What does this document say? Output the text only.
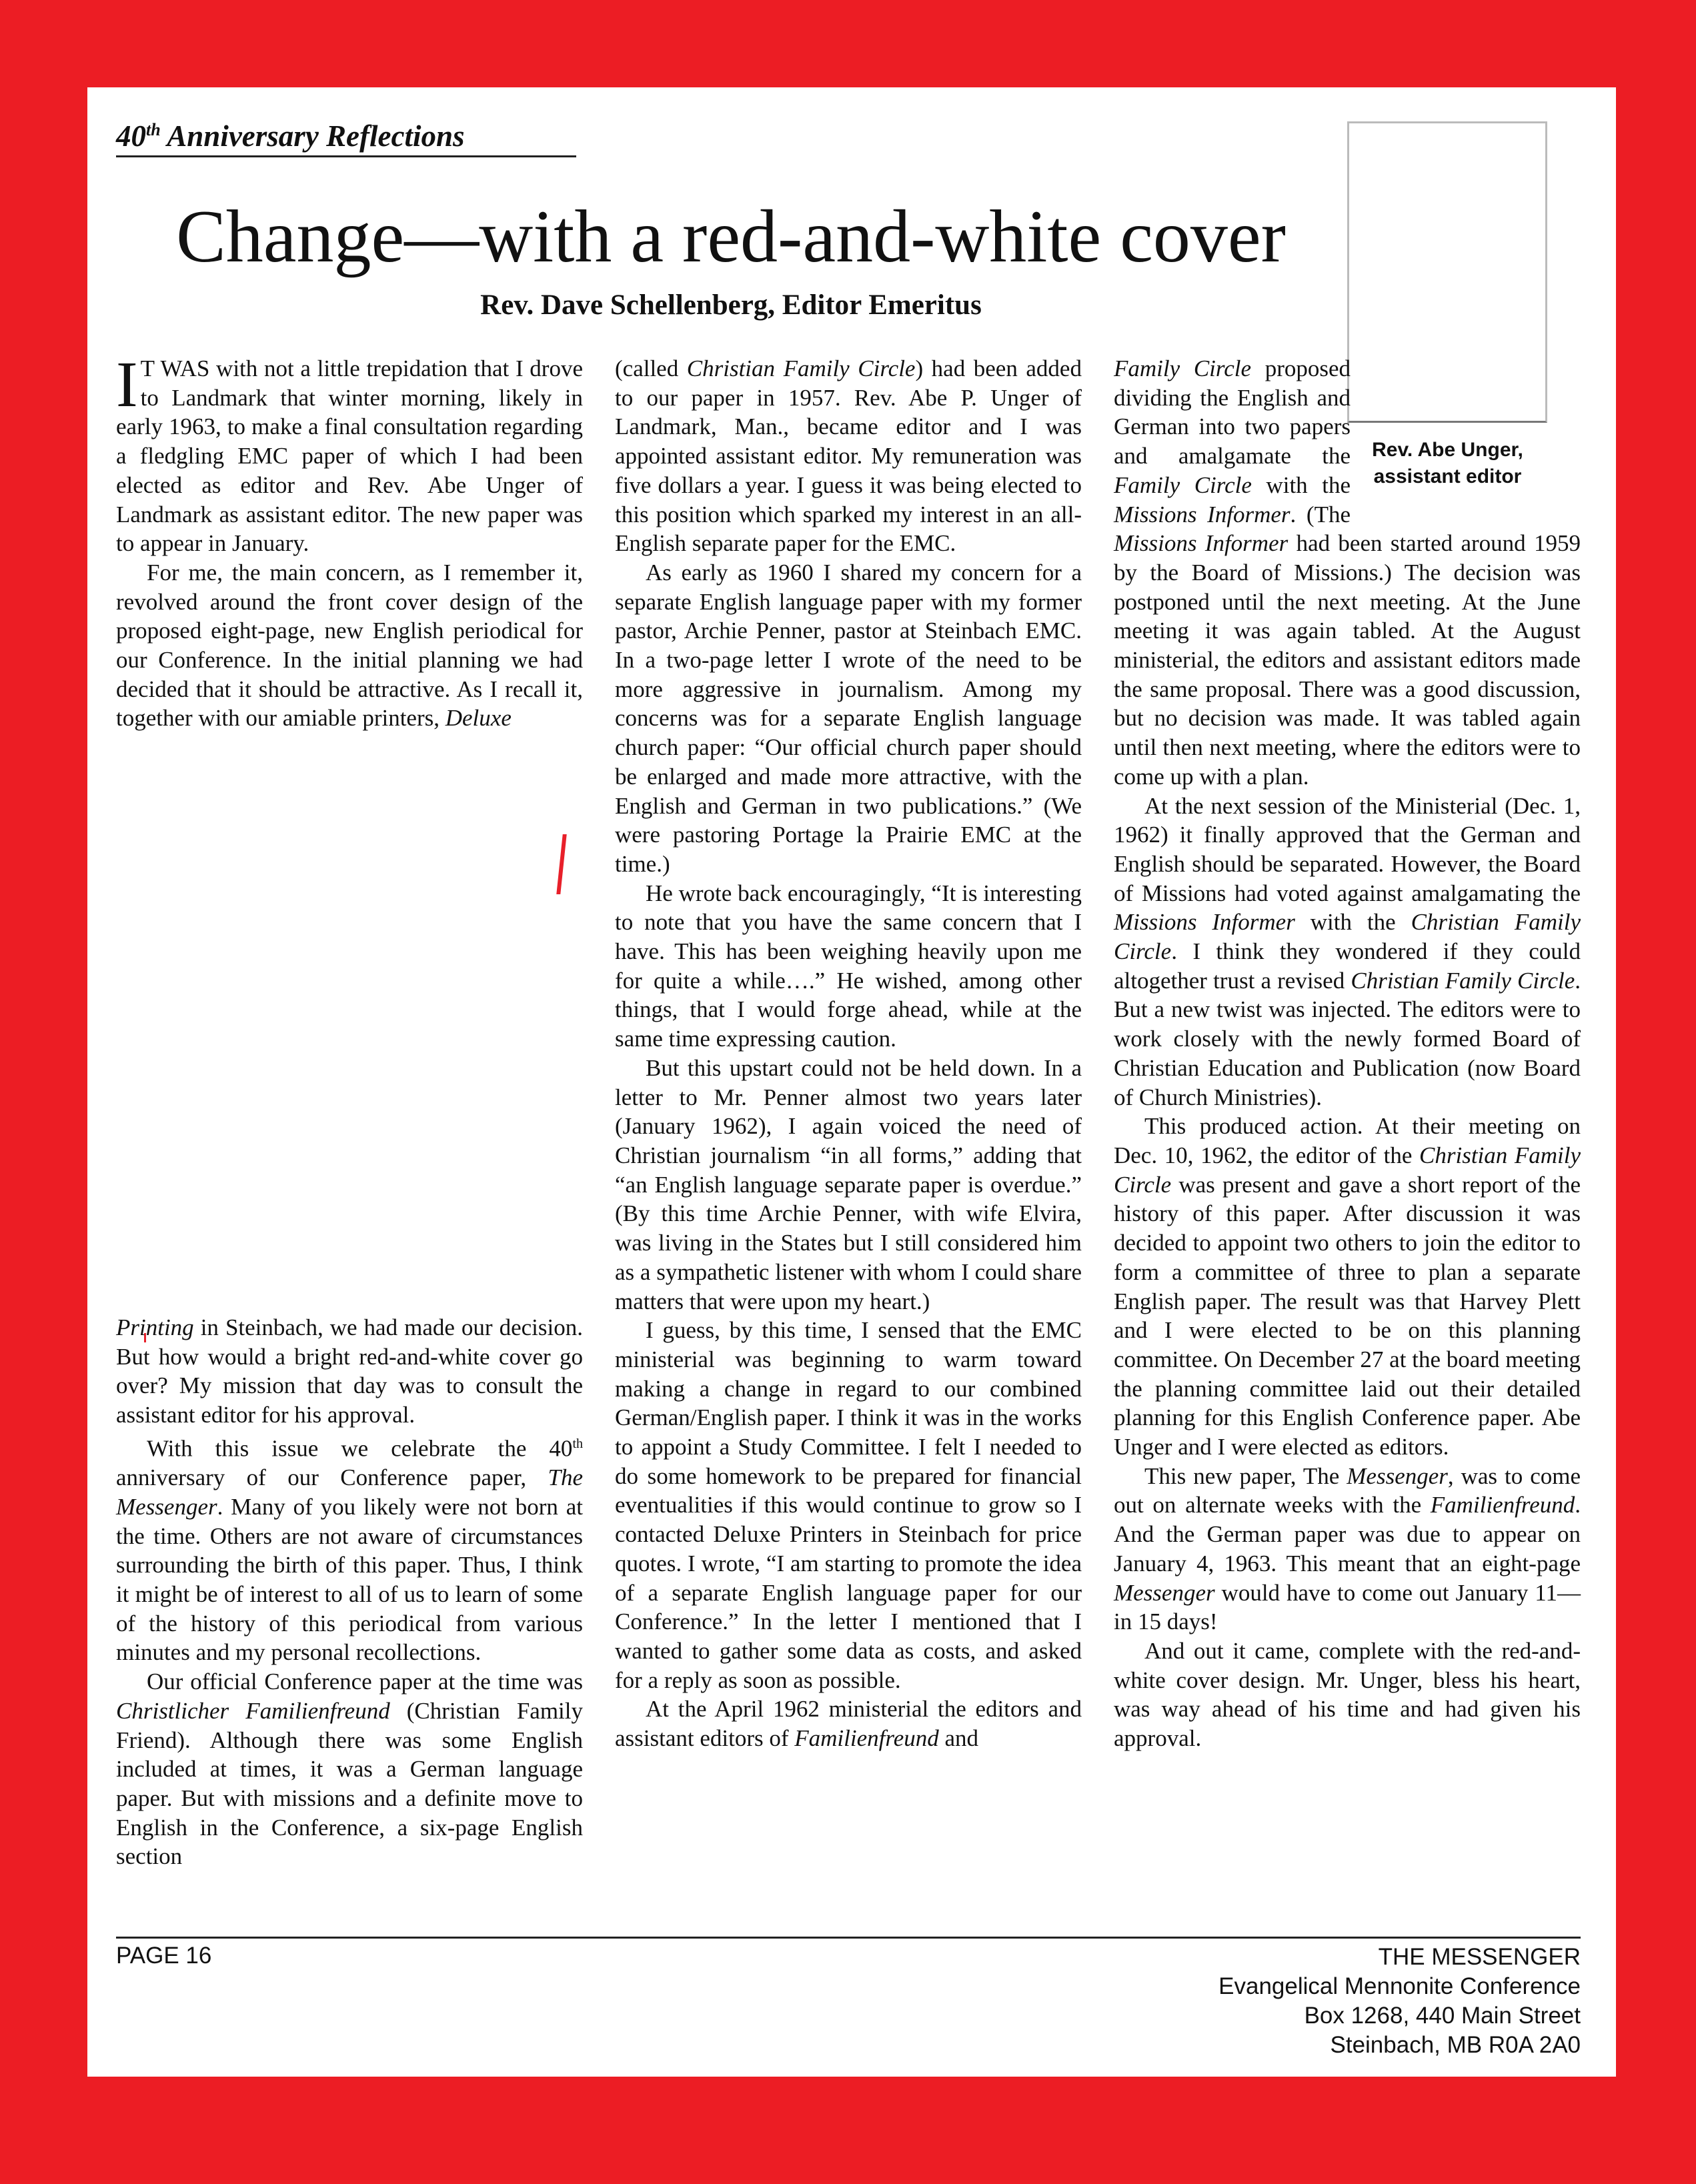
40th Anniversary Reflections
Change—with a red-and-white cover
Rev. Dave Schellenberg, Editor Emeritus
Rev. Abe Unger,
assistant editor

I T WAS with not a little trepidation that I drove to Landmark that winter morning, likely in early 1963, to make a final consultation regarding a fledgling EMC paper of which I had been elected as editor and Rev. Abe Unger of Landmark as assistant editor. The new paper was to appear in January.

For me, the main concern, as I remember it, revolved around the front cover design of the proposed eight-page, new English periodical for our Conference. In the initial planning we had decided that it should be attractive. As I recall it, together with our amiable printers, Deluxe

Printing in Steinbach, we had made our decision. But how would a bright red-and-white cover go over? My mission that day was to consult the assistant editor for his approval.

With this issue we celebrate the 40th anniversary of our Conference paper, The Messenger. Many of you likely were not born at the time. Others are not aware of circumstances surrounding the birth of this paper. Thus, I think it might be of interest to all of us to learn of some of the history of this periodical from various minutes and my personal recollections.

Our official Conference paper at the time was Christlicher Familienfreund (Christian Family Friend). Although there was some English included at times, it was a German language paper. But with missions and a definite move to English in the Conference, a six-page English section

(called Christian Family Circle) had been added to our paper in 1957. Rev. Abe P. Unger of Landmark, Man., became editor and I was appointed assistant editor. My remuneration was five dollars a year. I guess it was being elected to this position which sparked my interest in an all-English separate paper for the EMC.

As early as 1960 I shared my concern for a separate English language paper with my former pastor, Archie Penner, pastor at Steinbach EMC. In a two-page letter I wrote of the need to be more aggressive in journalism. Among my concerns was for a separate English language church paper: “Our official church paper should be enlarged and made more attractive, with the English and German in two publications.” (We were pastoring Portage la Prairie EMC at the time.)

He wrote back encouragingly, “It is interesting to note that you have the same concern that I have. This has been weighing heavily upon me for quite a while….” He wished, among other things, that I would forge ahead, while at the same time expressing caution.

But this upstart could not be held down. In a letter to Mr. Penner almost two years later (January 1962), I again voiced the need of Christian journalism “in all forms,” adding that “an English language separate paper is overdue.” (By this time Archie Penner, with wife Elvira, was living in the States but I still considered him as a sympathetic listener with whom I could share matters that were upon my heart.)

I guess, by this time, I sensed that the EMC ministerial was beginning to warm toward making a change in regard to our combined German/English paper. I think it was in the works to appoint a Study Committee. I felt I needed to do some homework to be prepared for financial eventualities if this would continue to grow so I contacted Deluxe Printers in Steinbach for price quotes. I wrote, “I am starting to promote the idea of a separate English language paper for our Conference.” In the letter I mentioned that I wanted to gather some data as costs, and asked for a reply as soon as possible.

At the April 1962 ministerial the editors and assistant editors of Familienfreund and

Family Circle proposed dividing the English and German into two papers and amalgamate the Family Circle with the Missions Informer. (The Missions Informer had been started around 1959 by the Board of Missions.) The decision was postponed until the next meeting. At the June meeting it was again tabled. At the August ministerial, the editors and assistant editors made the same proposal. There was a good discussion, but no decision was made. It was tabled again until then next meeting, where the editors were to come up with a plan.

At the next session of the Ministerial (Dec. 1, 1962) it finally approved that the German and English should be separated. However, the Board of Missions had voted against amalgamating the Missions Informer with the Christian Family Circle. I think they wondered if they could altogether trust a revised Christian Family Circle. But a new twist was injected. The editors were to work closely with the newly formed Board of Christian Education and Publication (now Board of Church Ministries).

This produced action. At their meeting on Dec. 10, 1962, the editor of the Christian Family Circle was present and gave a short report of the history of this paper. After discussion it was decided to appoint two others to join the editor to form a committee of three to plan a separate English paper. The result was that Harvey Plett and I were elected to be on this planning committee. On December 27 at the board meeting the planning committee laid out their detailed planning for this English Conference paper. Abe Unger and I were elected as editors.

This new paper, The Messenger, was to come out on alternate weeks with the Familienfreund. And the German paper was due to appear on January 4, 1963. This meant that an eight-page Messenger would have to come out January 11—in 15 days!

And out it came, complete with the red-and-white cover design. Mr. Unger, bless his heart, was way ahead of his time and had given his approval.

PAGE 16	THE MESSENGER
Evangelical Mennonite Conference
Box 1268, 440 Main Street
Steinbach, MB R0A 2A0
